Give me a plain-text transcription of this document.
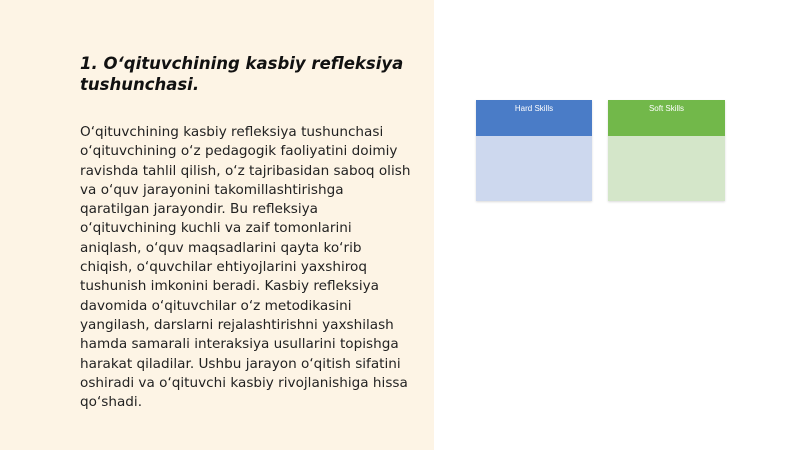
1. O‘qituvchining kasbiy refleksiya tushunchasi.

O‘qituvchining kasbiy refleksiya tushunchasi o‘qituvchining o‘z pedagogik faoliyatini doimiy ravishda tahlil qilish, o‘z tajribasidan saboq olish va o‘quv jarayonini takomillashtirishga qaratilgan jarayondir. Bu refleksiya o‘qituvchining kuchli va zaif tomonlarini aniqlash, o‘quv maqsadlarini qayta ko‘rib chiqish, o‘quvchilar ehtiyojlarini yaxshiroq tushunish imkonini beradi. Kasbiy refleksiya davomida o‘qituvchilar o‘z metodikasini yangilash, darslarni rejalashtirishni yaxshilash hamda samarali interaksiya usullarini topishga harakat qiladilar. Ushbu jarayon o‘qitish sifatini oshiradi va o‘qituvchi kasbiy rivojlanishiga hissa qo‘shadi.

Hard Skills	Soft Skills
